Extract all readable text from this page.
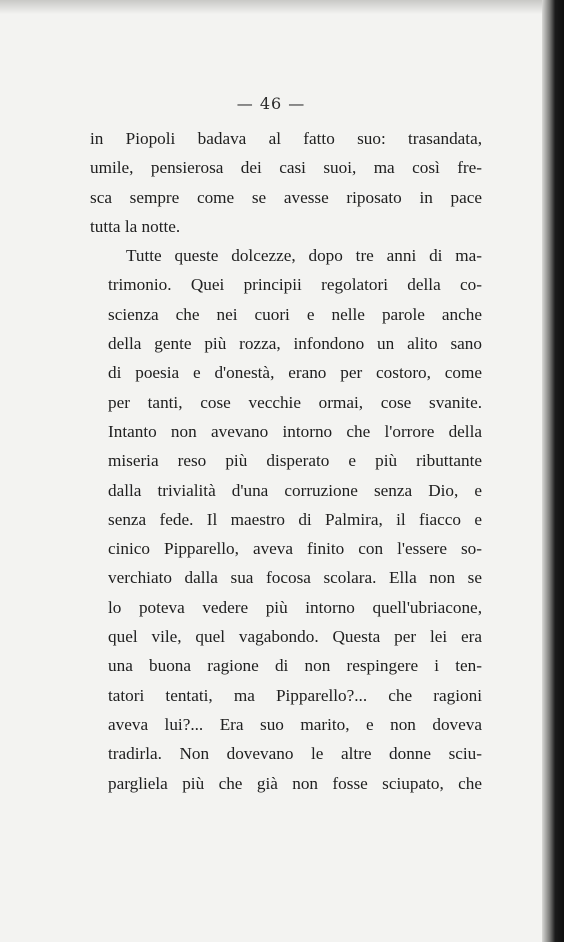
— 46 —

in Piopoli badava al fatto suo: trasandata,
umile, pensierosa dei casi suoi, ma così fre-
sca sempre come se avesse riposato in pace
tutta la notte.

Tutte queste dolcezze, dopo tre anni di ma-
trimonio. Quei principii regolatori della co-
scienza che nei cuori e nelle parole anche
della gente più rozza, infondono un alito sano
di poesia e d'onestà, erano per costoro, come
per tanti, cose vecchie ormai, cose svanite.
Intanto non avevano intorno che l'orrore della
miseria reso più disperato e più ributtante
dalla trivialità d'una corruzione senza Dio, e
senza fede. Il maestro di Palmira, il fiacco e
cinico Pipparello, aveva finito con l'essere so-
verchiato dalla sua focosa scolara. Ella non se
lo poteva vedere più intorno quell'ubriacone,
quel vile, quel vagabondo. Questa per lei era
una buona ragione di non respingere i ten-
tatori tentati, ma Pipparello?... che ragioni
aveva lui?... Era suo marito, e non doveva
tradirla. Non dovevano le altre donne sciu-
pargliela più che già non fosse sciupato, che
